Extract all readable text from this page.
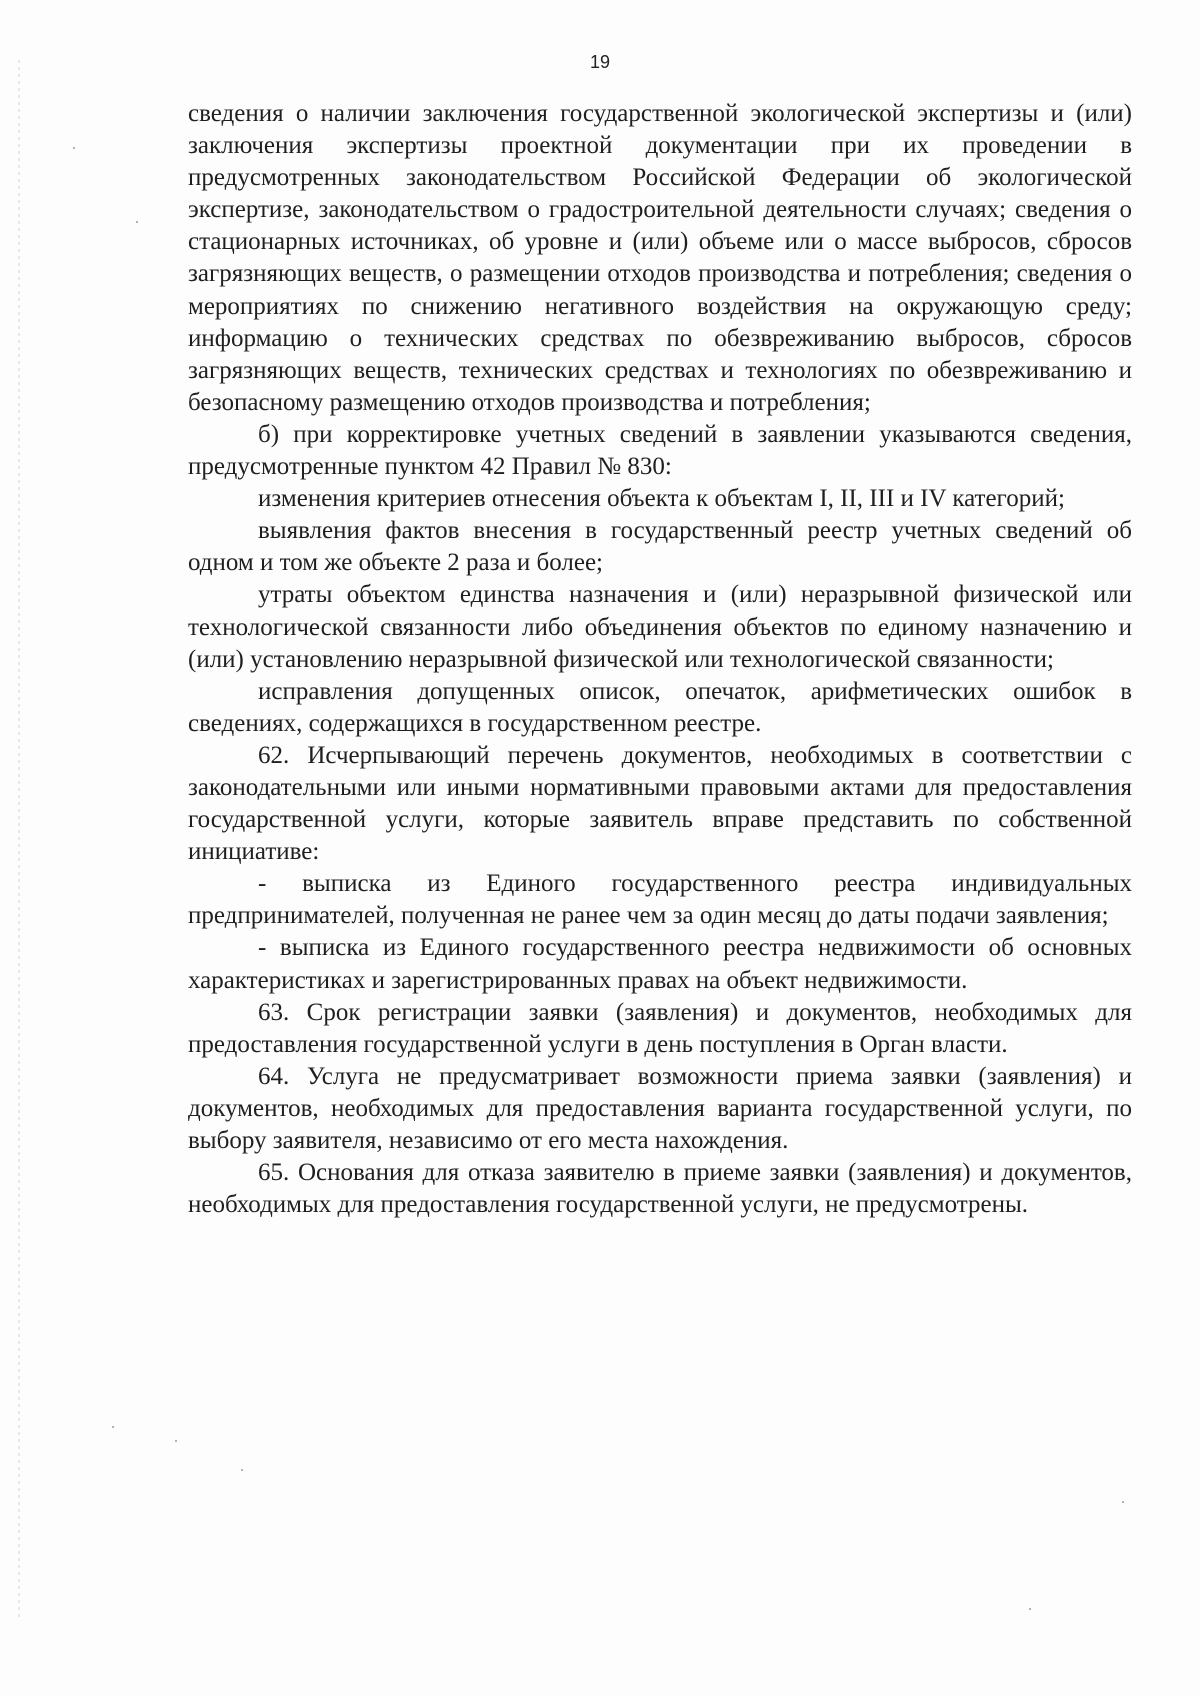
19

сведения о наличии заключения государственной экологической экспертизы и (или) заключения экспертизы проектной документации при их проведении в предусмотренных законодательством Российской Федерации об экологической экспертизе, законодательством о градостроительной деятельности случаях; сведения о стационарных источниках, об уровне и (или) объеме или о массе выбросов, сбросов загрязняющих веществ, о размещении отходов производства и потребления; сведения о мероприятиях по снижению негативного воздействия на окружающую среду; информацию о технических средствах по обезвреживанию выбросов, сбросов загрязняющих веществ, технических средствах и технологиях по обезвреживанию и безопасному размещению отходов производства и потребления;

б) при корректировке учетных сведений в заявлении указываются сведения, предусмотренные пунктом 42 Правил № 830:

изменения критериев отнесения объекта к объектам I, II, III и IV категорий;

выявления фактов внесения в государственный реестр учетных сведений об одном и том же объекте 2 раза и более;

утраты объектом единства назначения и (или) неразрывной физической или технологической связанности либо объединения объектов по единому назначению и (или) установлению неразрывной физической или технологической связанности;

исправления допущенных описок, опечаток, арифметических ошибок в сведениях, содержащихся в государственном реестре.

62. Исчерпывающий перечень документов, необходимых в соответствии с законодательными или иными нормативными правовыми актами для предоставления государственной услуги, которые заявитель вправе представить по собственной инициативе:

- выписка из Единого государственного реестра индивидуальных предпринимателей, полученная не ранее чем за один месяц до даты подачи заявления;

- выписка из Единого государственного реестра недвижимости об основных характеристиках и зарегистрированных правах на объект недвижимости.

63. Срок регистрации заявки (заявления) и документов, необходимых для предоставления государственной услуги в день поступления в Орган власти.

64. Услуга не предусматривает возможности приема заявки (заявления) и документов, необходимых для предоставления варианта государственной услуги, по выбору заявителя, независимо от его места нахождения.

65. Основания для отказа заявителю в приеме заявки (заявления) и документов, необходимых для предоставления государственной услуги, не предусмотрены.
